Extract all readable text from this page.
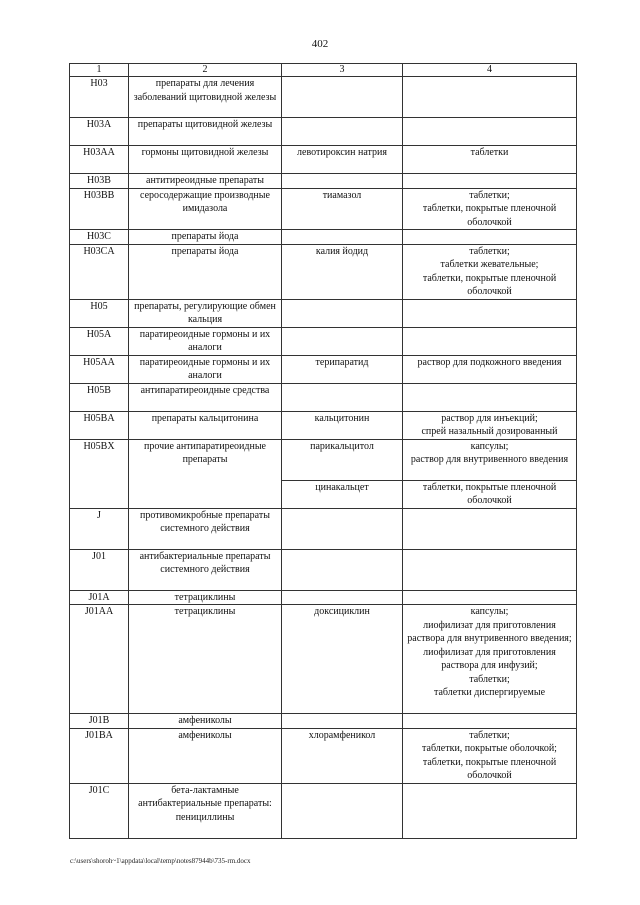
402
1	2	3	4
H03	препараты для лечения заболеваний щитовидной железы		
H03A	препараты щитовидной железы		
H03AA	гормоны щитовидной железы	левотироксин натрия	таблетки
H03B	антитиреоидные препараты		
H03BB	серосодержащие производные имидазола	тиамазол	таблетки;
таблетки, покрытые пленочной оболочкой
H03C	препараты йода		
H03CA	препараты йода	калия йодид	таблетки;
таблетки жевательные;
таблетки, покрытые пленочной оболочкой
H05	препараты, регулирующие обмен кальция		
H05A	паратиреоидные гормоны и их аналоги		
H05AA	паратиреоидные гормоны и их аналоги	терипаратид	раствор для подкожного введения
H05B	антипаратиреоидные средства		
H05BA	препараты кальцитонина	кальцитонин	раствор для инъекций;
спрей назальный дозированный
H05BX	прочие антипаратиреоидные препараты	парикальцитол	капсулы;
раствор для внутривенного введения
		цинакальцет	таблетки, покрытые пленочной оболочкой
J	противомикробные препараты системного действия		
J01	антибактериальные препараты системного действия		
J01A	тетрациклины		
J01AA	тетрациклины	доксициклин	капсулы;
лиофилизат для приготовления раствора для внутривенного введения;
лиофилизат для приготовления раствора для инфузий;
таблетки;
таблетки диспергируемые
J01B	амфениколы		
J01BA	амфениколы	хлорамфеникол	таблетки;
таблетки, покрытые оболочкой;
таблетки, покрытые пленочной оболочкой
J01C	бета-лактамные антибактериальные препараты: пенициллины		
c:\users\shoroh~1\appdata\local\temp\notes87944b\735-rm.docx
